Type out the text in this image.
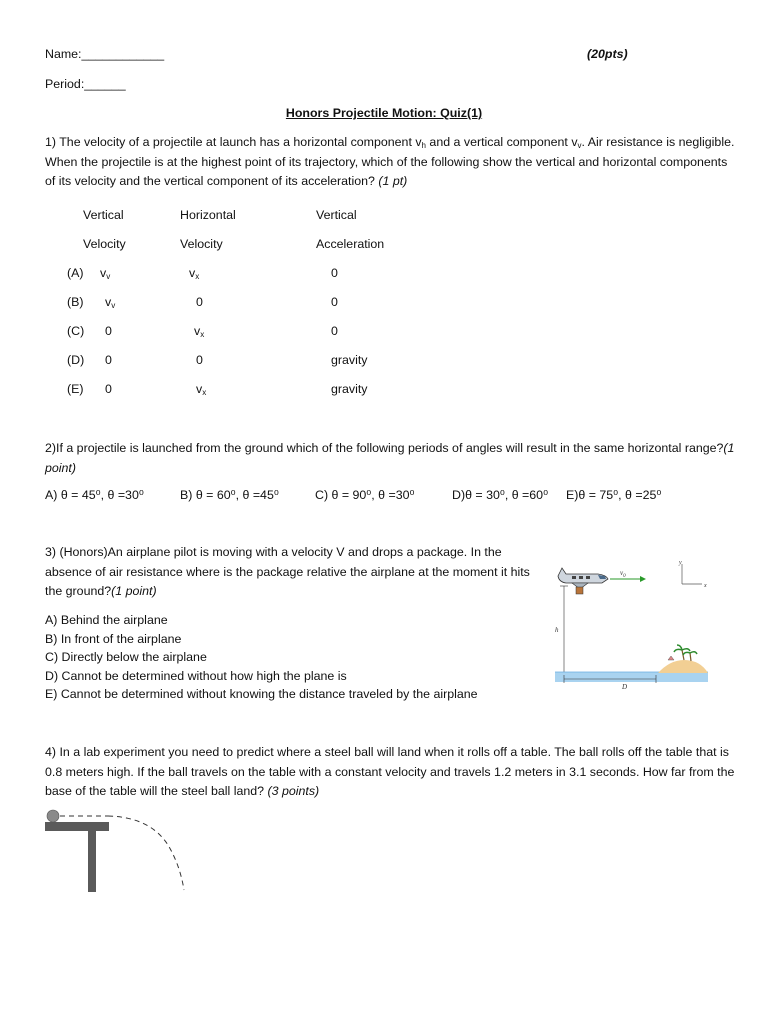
Name:____________	(20pts)
Period:______
Honors Projectile Motion: Quiz(1)
1) The velocity of a projectile at launch has a horizontal component $v_h$ and a vertical component $v_v$. Air resistance is negligible. When the projectile is at the highest point of its trajectory, which of the following show the vertical and horizontal components of its velocity and the vertical component of its acceleration? (1 pt)
Vertical	Horizontal	Vertical
Velocity	Velocity	Acceleration
(A) $v_v$	$v_x$	0
(B) $v_v$	0	0
(C) 0	$v_x$	0
(D) 0	0	gravity
(E) 0	$v_x$	gravity
2)If a projectile is launched from the ground which of the following periods of angles will result in the same horizontal range?(1 point)
A) θ = 45⁰, θ =30⁰	B) θ = 60⁰, θ =45⁰	C) θ = 90⁰, θ =30⁰	D)θ = 30⁰, θ =60⁰ E)θ = 75⁰, θ =25⁰
3) (Honors)An airplane pilot is moving with a velocity V and drops a package. In the absence of air resistance where is the package relative the airplane at the moment it hits the ground?(1 point)
A) Behind the airplane
B) In front of the airplane
C) Directly below the airplane
D) Cannot be determined without how high the plane is
E) Cannot be determined without knowing the distance traveled by the airplane
$v_0$
h
y
x
D
4) In a lab experiment you need to predict where a steel ball will land when it rolls off a table. The ball rolls off the table that is 0.8 meters high. If the ball travels on the table with a constant velocity and travels 1.2 meters in 3.1 seconds. How far from the base of the table will the steel ball land? (3 points)
